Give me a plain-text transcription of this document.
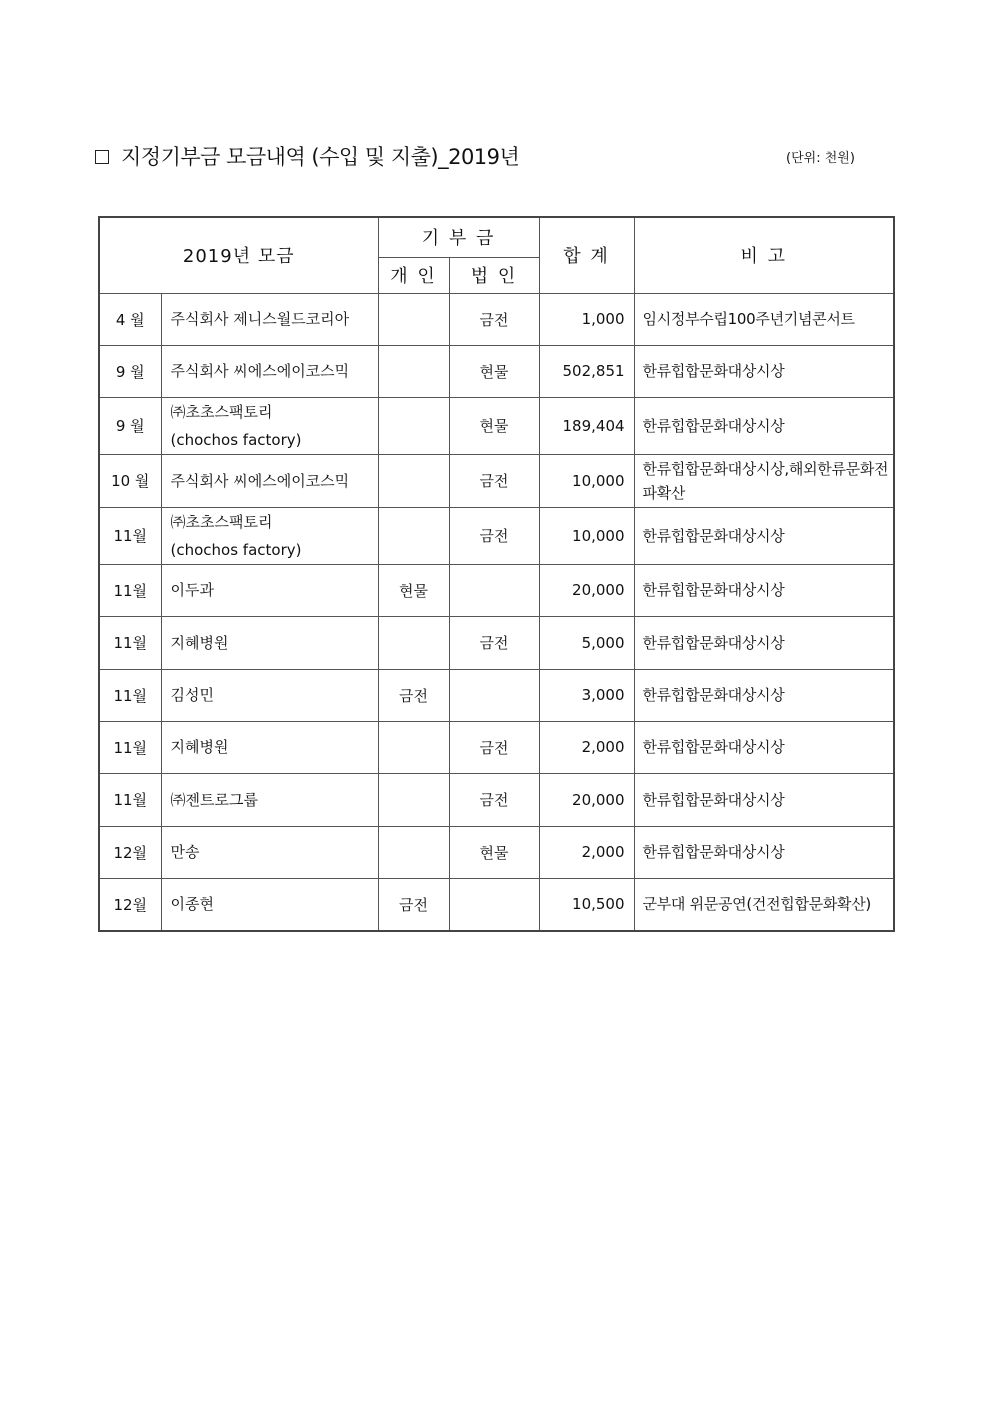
지정기부금 모금내역 (수입 및 지출)_2019년	(단위: 천원)
2019년 모금		기 부 금		합 계	비 고
		개 인	법 인		
4 월	주식회사 제니스월드코리아		금전	1,000	임시정부수립100주년기념콘서트
9 월	주식회사 씨에스에이코스믹		현물	502,851	한류힙합문화대상시상
9 월	㈜초초스팩토리
(chochos factory)		현물	189,404	한류힙합문화대상시상
10 월	주식회사 씨에스에이코스믹		금전	10,000	한류힙합문화대상시상,해외한류문화전파확산
11월	㈜초초스팩토리
(chochos factory)		금전	10,000	한류힙합문화대상시상
11월	이두과	현물		20,000	한류힙합문화대상시상
11월	지혜병원		금전	5,000	한류힙합문화대상시상
11월	김성민	금전		3,000	한류힙합문화대상시상
11월	지혜병원		금전	2,000	한류힙합문화대상시상
11월	㈜젠트로그룹		금전	20,000	한류힙합문화대상시상
12월	만송		현물	2,000	한류힙합문화대상시상
12월	이종현	금전		10,500	군부대 위문공연(건전힙합문화확산)
